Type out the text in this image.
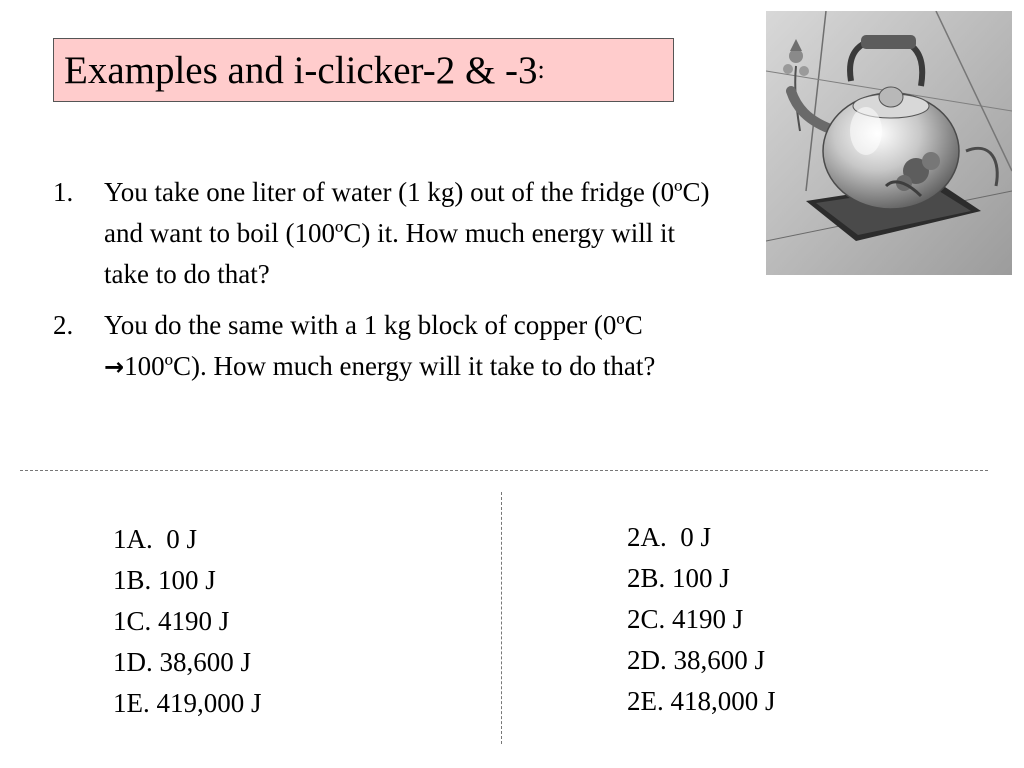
Examples and i-clicker-2 & -3 :
1.	You take one liter of water (1 kg) out of the fridge (0ºC) and want to boil (100ºC) it. How much energy will it take to do that?
2.	You do the same with a 1 kg block of copper (0ºC →100ºC). How much energy will it take to do that?
1A.  0 J
1B. 100 J
1C. 4190 J
1D. 38,600 J
1E. 419,000 J
2A.  0 J
2B. 100 J
2C. 4190 J
2D. 38,600 J
2E. 418,000 J
